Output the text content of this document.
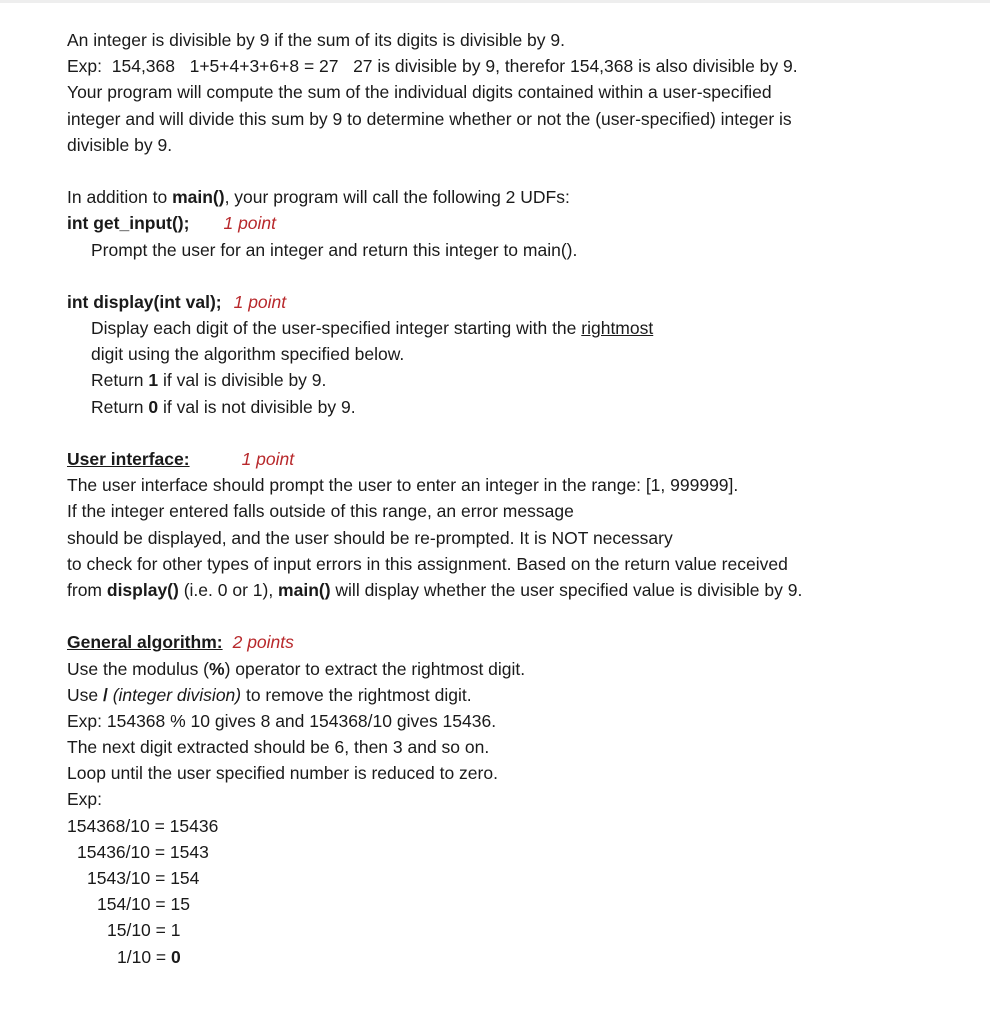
An integer is divisible by 9 if the sum of its digits is divisible by 9.
Exp:  154,368   1+5+4+3+6+8 = 27   27 is divisible by 9, therefor 154,368 is also divisible by 9.
Your program will compute the sum of the individual digits contained within a user-specified
integer and will divide this sum by 9 to determine whether or not the (user-specified) integer is
divisible by 9.
In addition to main(), your program will call the following 2 UDFs:
int get_input(); 1 point
Prompt the user for an integer and return this integer to main().
int display(int val); 1 point
Display each digit of the user-specified integer starting with the rightmost
digit using the algorithm specified below.
Return 1 if val is divisible by 9.
Return 0 if val is not divisible by 9.
User interface:	1 point
The user interface should prompt the user to enter an integer in the range: [1, 999999].
If the integer entered falls outside of this range, an error message
should be displayed, and the user should be re-prompted. It is NOT necessary
to check for other types of input errors in this assignment. Based on the return value received
from display() (i.e. 0 or 1), main() will display whether the user specified value is divisible by 9.
General algorithm: 2 points
Use the modulus (%) operator to extract the rightmost digit.
Use / (integer division) to remove the rightmost digit.
Exp: 154368 % 10 gives 8 and 154368/10 gives 15436.
The next digit extracted should be 6, then 3 and so on.
Loop until the user specified number is reduced to zero.
Exp:
154368/10 = 15436
15436/10 = 1543
1543/10 = 154
154/10 = 15
15/10 = 1
1/10 = 0
